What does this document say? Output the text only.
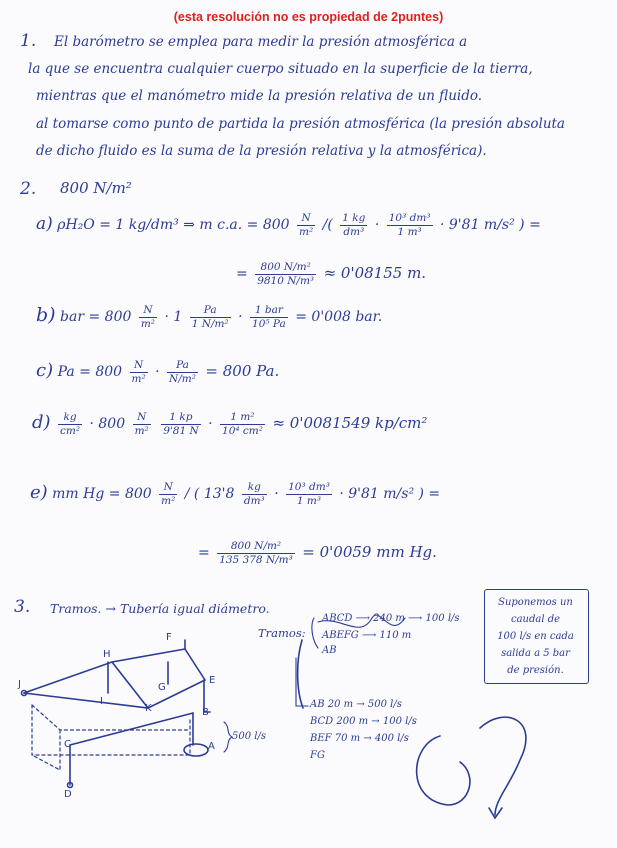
(esta resolución no es propiedad de 2puntes)
1. El barómetro se emplea para medir la presión atmosférica a
la que se encuentra cualquier cuerpo situado en la superficie de la tierra,
mientras que el manómetro mide la presión relativa de un fluido.
al tomarse como punto de partida la presión atmosférica (la presión absoluta
de dicho fluido es la suma de la presión relativa y la atmosférica).
2. 800 N/m²
a) ρH₂O = 1 kg/dm³ ⇒ m c.a. = $800 \frac{N}{\text{m²}}$ /( $\frac{1 kg}{\text{dm³}} \cdot \frac{\text{10³ dm³}}{\text{1 m³}} \cdot 9'81$ m/s² ) =
= $\frac{\text{800 N/m²}}{\text{9810 N/m³}} \approx 0'08155$ m.
b) bar = $800 \frac{N}{\text{m²}} \cdot 1 \frac{Pa}{\text{1 N/m²}} \cdot \frac{\text{1 bar}}{\text{10⁵ Pa}} = 0'008$ bar.
c) $Pa = 800 \frac{N}{\text{m²}} \cdot \frac{Pa}{\text{N/m²}} = 800$ Pa.
$d) \frac{kg}{\text{cm²}} \cdot 800 \frac{N}{\text{m²}}$
$\frac{1 kp}{9'81 N} \cdot \frac{\text{1 m²}}{\text{10⁴ cm²}} \approx 0'0081549$ kp/cm²
e) mm $Hg = 800 \frac{N}{\text{m²}}$ / ( $13'8 \frac{kg}{\text{dm³}} \cdot \frac{\text{10³ dm³}}{\text{1 m³}} \cdot 9'81$ m/s² ) =
= $\frac{\text{800 N/m²}}{\text{135 378 N/m³}} = 0'0059$ mm Hg.
3. Tramos. → Tubería igual diámetro.
Tramos:
ABCD ⟶ 240 m ⟶ 100 l/s
ABEFG ⟶ 110 m
AB
AB 20 m → 500 l/s
BCD 200 m → 100 l/s
BEF 70 m → 400 l/s
FG
Suponemos un
caudal de
100 l/s en cada
salida a 5 bar
de presión.
H
F
J
I
G
E
K	B
C	A
D
500 l/s
